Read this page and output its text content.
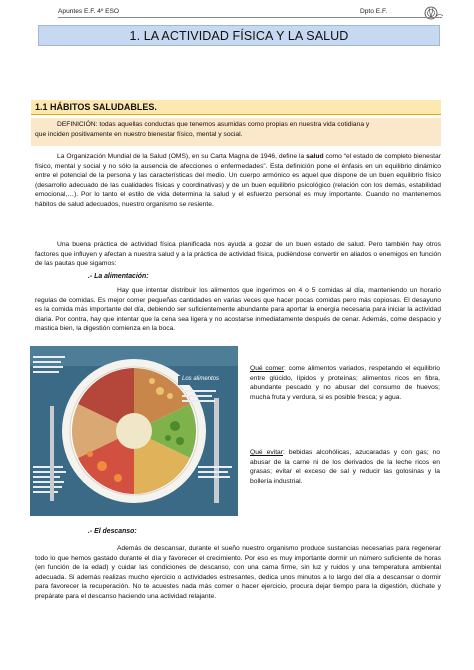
Apuntes E.F. 4º ESO	Dpto E.F.
1. LA ACTIVIDAD FÍSICA Y LA SALUD
1.1 HÁBITOS SALUDABLES.
DEFINICIÓN: todas aquellas conductas que tenemos asumidas como propias en nuestra vida cotidiana y
que inciden positivamente en nuestro bienestar físico, mental y social.
La Organización Mundial de la Salud (OMS), en su Carta Magna de 1946, define la salud como “el estado de completo bienestar físico, mental y social y no sólo la ausencia de afecciones o enfermedades”. Esta definición pone el énfasis en un equilibrio dinámico entre el potencial de la persona y las características del medio. Un cuerpo armónico es aquel que dispone de un buen equilibrio físico (desarrollo adecuado de las cualidades físicas y coordinativas) y de un buen equilibrio psicológico (relación con los demás, estabilidad emocional,…). Por lo tanto el estilo de vida determina la salud y el esfuerzo personal es muy importante. Cuando no mantenemos hábitos de salud adecuados, nuestro organismo se resiente.
Una buena práctica de actividad física planificada nos ayuda a gozar de un buen estado de salud. Pero también hay otros factores que influyen y afectan a nuestra salud y a la práctica de actividad física, pudiéndose convertir en aliados o enemigos en función de las pautas que sigamos:
.- La alimentación:
Hay que intentar distribuir los alimentos que ingerimos en 4 o 5 comidas al día, manteniendo un horario regulas de comidas. Es mejor comer pequeñas cantidades en varias veces que hacer pocas comidas pero más copiosas. El desayuno es la comida más importante del día, debiendo ser suficientemente abundante para aportar la energía necesaria para iniciar la actividad diaria. Por contra, hay que intentar que la cena sea ligera y no acostarse inmediatamente después de cenar. Además, come despacio y mastica bien, la digestión comienza en la boca.
Los alimentos
Qué comer: come alimentos variados, respetando el equilibrio entre glúcido, lípidos y proteínas; alimentos ricos en fibra, abundante pescado y no abusar del consumo de huevos; mucha fruta y verdura, si es posible fresca; y agua.
Qué evitar: bebidas alcohólicas, azucaradas y con gas; no abusar de la carne ni de los derivados de la leche ricos en grasas; evitar el exceso de sal y reducir las golosinas y la bollería industrial.
.- El descanso:
Además de descansar, durante el sueño nuestro organismo produce sustancias necesarias para regenerar todo lo que hemos gastado durante el día y favorecer el crecimiento. Por eso es muy importante dormir un número suficiente de horas (en función de la edad) y cuidar las condiciones de descanso, con una cama firme, sin luz y ruidos y una temperatura ambiental adecuada. Si además realizas mucho ejercicio o actividades estresantes, dedica unos minutos a lo largo del día a descansar o dormir para favorecer la recuperación. No te acuestes nada más comer o hacer ejercicio, procura dejar tiempo para la digestión, dúchate y prepárate para el descanso haciendo una actividad relajante.
